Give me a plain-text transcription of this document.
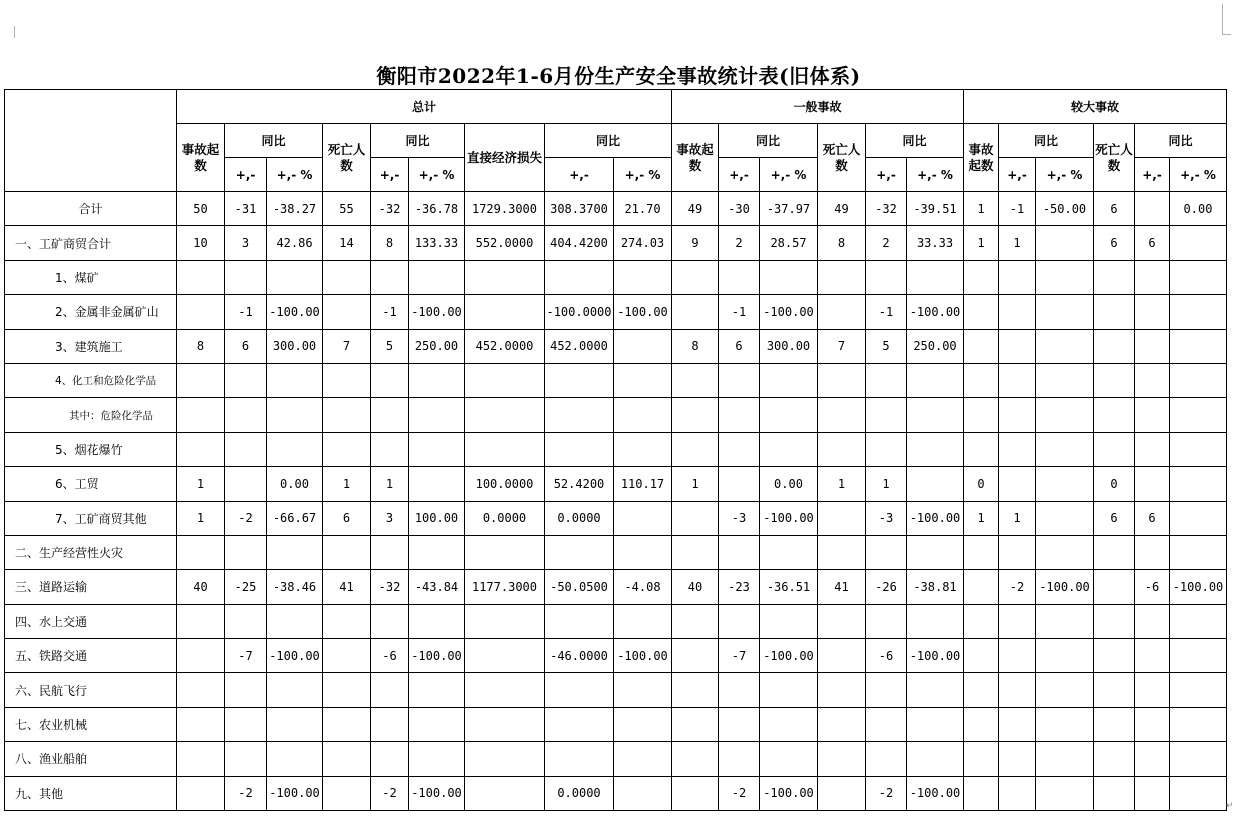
衡阳市2022年1-6月份生产安全事故统计表(旧体系)
	总计									一般事故						较大事故					
	事故起数	同比		死亡人数	同比		直接经济损失	同比		事故起数	同比		死亡人数	同比		事故起数	同比		死亡人数	同比	
		+,-	+,- %		+,-	+,- %		+,-	+,- %		+,-	+,- %		+,-	+,- %		+,-	+,- %		+,-	+,- %
合计	50	-31	-38.27	55	-32	-36.78	1729.3000	308.3700	21.70	49	-30	-37.97	49	-32	-39.51	1	-1	-50.00	6		0.00
一、工矿商贸合计	10	3	42.86	14	8	133.33	552.0000	404.4200	274.03	9	2	28.57	8	2	33.33	1	1		6	6	
1、煤矿																					
2、金属非金属矿山		-1	-100.00		-1	-100.00		-100.0000	-100.00		-1	-100.00		-1	-100.00						
3、建筑施工	8	6	300.00	7	5	250.00	452.0000	452.0000		8	6	300.00	7	5	250.00						
4、化工和危险化学品																					
其中：危险化学品																					
5、烟花爆竹																					
6、工贸	1		0.00	1	1		100.0000	52.4200	110.17	1		0.00	1	1		0			0		
7、工矿商贸其他	1	-2	-66.67	6	3	100.00	0.0000	0.0000			-3	-100.00		-3	-100.00	1	1		6	6	
二、生产经营性火灾																					
三、道路运输	40	-25	-38.46	41	-32	-43.84	1177.3000	-50.0500	-4.08	40	-23	-36.51	41	-26	-38.81		-2	-100.00		-6	-100.00
四、水上交通																					
五、铁路交通		-7	-100.00		-6	-100.00		-46.0000	-100.00		-7	-100.00		-6	-100.00						
六、民航飞行																					
七、农业机械																					
八、渔业船舶																					
九、其他		-2	-100.00		-2	-100.00		0.0000			-2	-100.00		-2	-100.00						
↵
